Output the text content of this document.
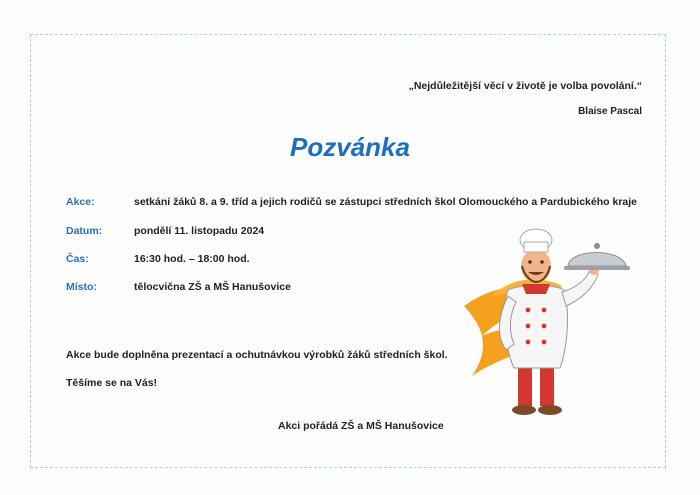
„Nejdůležitější věcí v životě je volba povolání.“
Blaise Pascal
Pozvánka
Akce:	setkání žáků 8. a 9. tříd a jejich rodičů se zástupci středních škol Olomouckého a Pardubického kraje
Datum:	pondělí 11. listopadu 2024
Čas:	16:30 hod. – 18:00 hod.
Místo:	tělocvična ZŠ a MŠ Hanušovice
Akce bude doplněna prezentací a ochutnávkou výrobků žáků středních škol.
Těšíme se na Vás!
Akci pořádá ZŠ a MŠ Hanušovice
